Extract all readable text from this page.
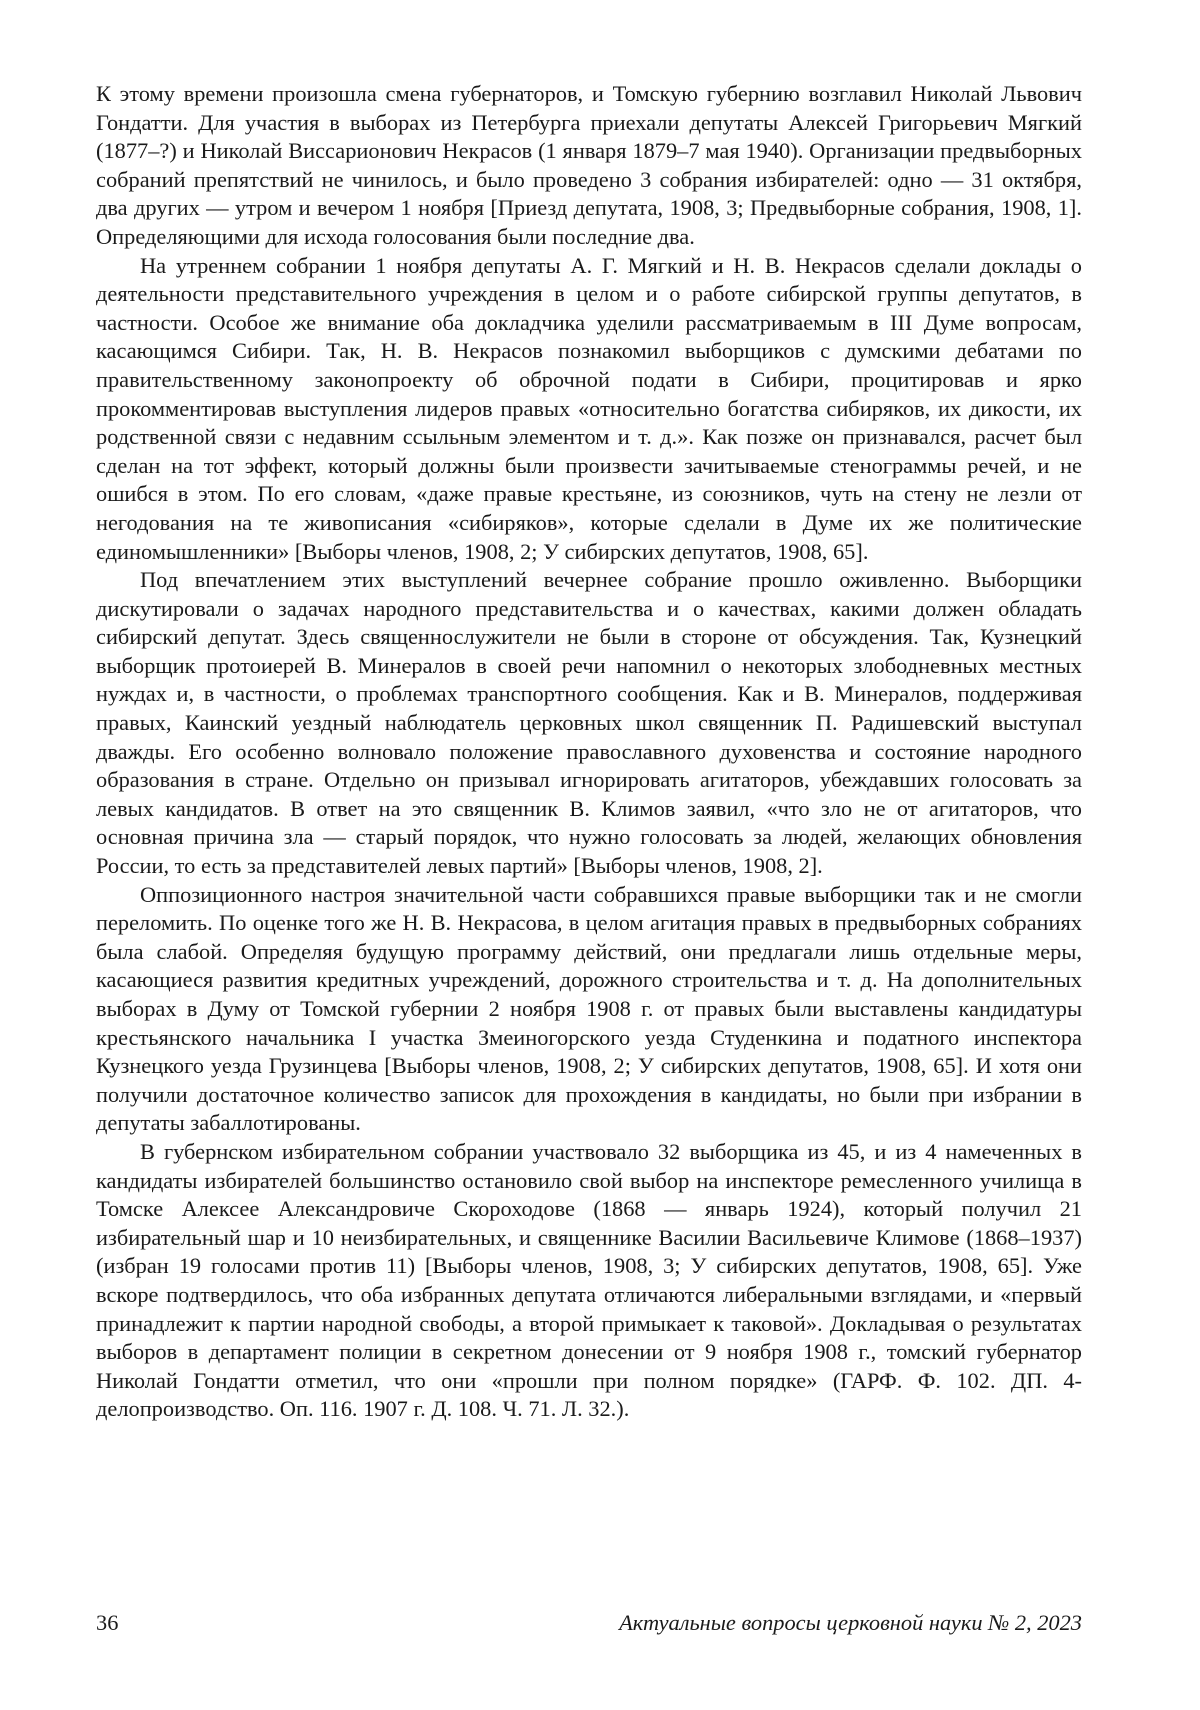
К этому времени произошла смена губернаторов, и Томскую губернию возглавил Николай Львович Гондатти. Для участия в выборах из Петербурга приехали депутаты Алексей Григорьевич Мягкий (1877–?) и Николай Виссарионович Некрасов (1 января 1879–7 мая 1940). Организации предвыборных собраний препятствий не чинилось, и было проведено 3 собрания избирателей: одно — 31 октября, два других — утром и вечером 1 ноября [Приезд депутата, 1908, 3; Предвыборные собрания, 1908, 1]. Определяющими для исхода голосования были последние два.

На утреннем собрании 1 ноября депутаты А. Г. Мягкий и Н. В. Некрасов сделали доклады о деятельности представительного учреждения в целом и о работе сибирской группы депутатов, в частности. Особое же внимание оба докладчика уделили рассматриваемым в III Думе вопросам, касающимся Сибири. Так, Н. В. Некрасов познакомил выборщиков с думскими дебатами по правительственному законопроекту об оброчной подати в Сибири, процитировав и ярко прокомментировав выступления лидеров правых «относительно богатства сибиряков, их дикости, их родственной связи с недавним ссыльным элементом и т. д.». Как позже он признавался, расчет был сделан на тот эффект, который должны были произвести зачитываемые стенограммы речей, и не ошибся в этом. По его словам, «даже правые крестьяне, из союзников, чуть на стену не лезли от негодования на те живописания «сибиряков», которые сделали в Думе их же политические единомышленники» [Выборы членов, 1908, 2; У сибирских депутатов, 1908, 65].

Под впечатлением этих выступлений вечернее собрание прошло оживленно. Выборщики дискутировали о задачах народного представительства и о качествах, какими должен обладать сибирский депутат. Здесь священнослужители не были в стороне от обсуждения. Так, Кузнецкий выборщик протоиерей В. Минералов в своей речи напомнил о некоторых злободневных местных нуждах и, в частности, о проблемах транспортного сообщения. Как и В. Минералов, поддерживая правых, Каинский уездный наблюдатель церковных школ священник П. Радишевский выступал дважды. Его особенно волновало положение православного духовенства и состояние народного образования в стране. Отдельно он призывал игнорировать агитаторов, убеждавших голосовать за левых кандидатов. В ответ на это священник В. Климов заявил, «что зло не от агитаторов, что основная причина зла — старый порядок, что нужно голосовать за людей, желающих обновления России, то есть за представителей левых партий» [Выборы членов, 1908, 2].

Оппозиционного настроя значительной части собравшихся правые выборщики так и не смогли переломить. По оценке того же Н. В. Некрасова, в целом агитация правых в предвыборных собраниях была слабой. Определяя будущую программу действий, они предлагали лишь отдельные меры, касающиеся развития кредитных учреждений, дорожного строительства и т. д. На дополнительных выборах в Думу от Томской губернии 2 ноября 1908 г. от правых были выставлены кандидатуры крестьянского начальника I участка Змеиногорского уезда Студенкина и податного инспектора Кузнецкого уезда Грузинцева [Выборы членов, 1908, 2; У сибирских депутатов, 1908, 65]. И хотя они получили достаточное количество записок для прохождения в кандидаты, но были при избрании в депутаты забаллотированы.

В губернском избирательном собрании участвовало 32 выборщика из 45, и из 4 намеченных в кандидаты избирателей большинство остановило свой выбор на инспекторе ремесленного училища в Томске Алексее Александровиче Скороходове (1868 — январь 1924), который получил 21 избирательный шар и 10 неизбирательных, и священнике Василии Васильевиче Климове (1868–1937) (избран 19 голосами против 11) [Выборы членов, 1908, 3; У сибирских депутатов, 1908, 65]. Уже вскоре подтвердилось, что оба избранных депутата отличаются либеральными взглядами, и «первый принадлежит к партии народной свободы, а второй примыкает к таковой». Докладывая о результатах выборов в департамент полиции в секретном донесении от 9 ноября 1908 г., томский губернатор Николай Гондатти отметил, что они «прошли при полном порядке» (ГАРФ. Ф. 102. ДП. 4-делопроизводство. Оп. 116. 1907 г. Д. 108. Ч. 71. Л. 32.).

36	Актуальные вопросы церковной науки № 2, 2023
